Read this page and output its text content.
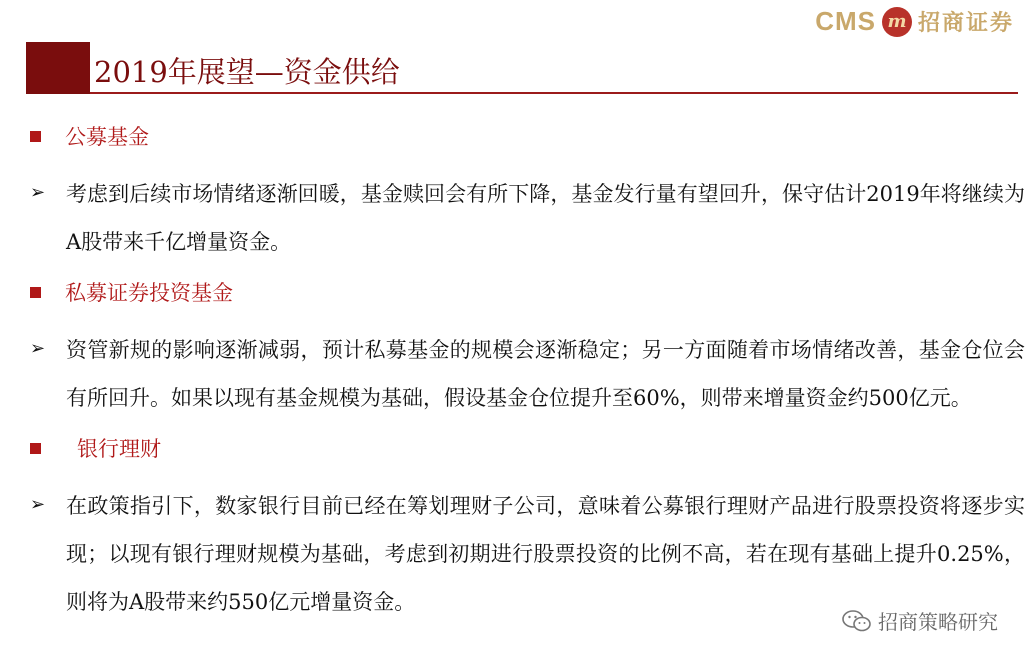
CMS m 招商证券
2019年展望—资金供给
公募基金
➢ 考虑到后续市场情绪逐渐回暖，基金赎回会有所下降，基金发行量有望回升，保守估计2019年将继续为A股带来千亿增量资金。
私募证券投资基金
➢ 资管新规的影响逐渐减弱，预计私募基金的规模会逐渐稳定；另一方面随着市场情绪改善，基金仓位会有所回升。如果以现有基金规模为基础，假设基金仓位提升至60%，则带来增量资金约500亿元。
银行理财
➢ 在政策指引下，数家银行目前已经在筹划理财子公司，意味着公募银行理财产品进行股票投资将逐步实现；以现有银行理财规模为基础，考虑到初期进行股票投资的比例不高，若在现有基础上提升0.25%，则将为A股带来约550亿元增量资金。
招商策略研究
